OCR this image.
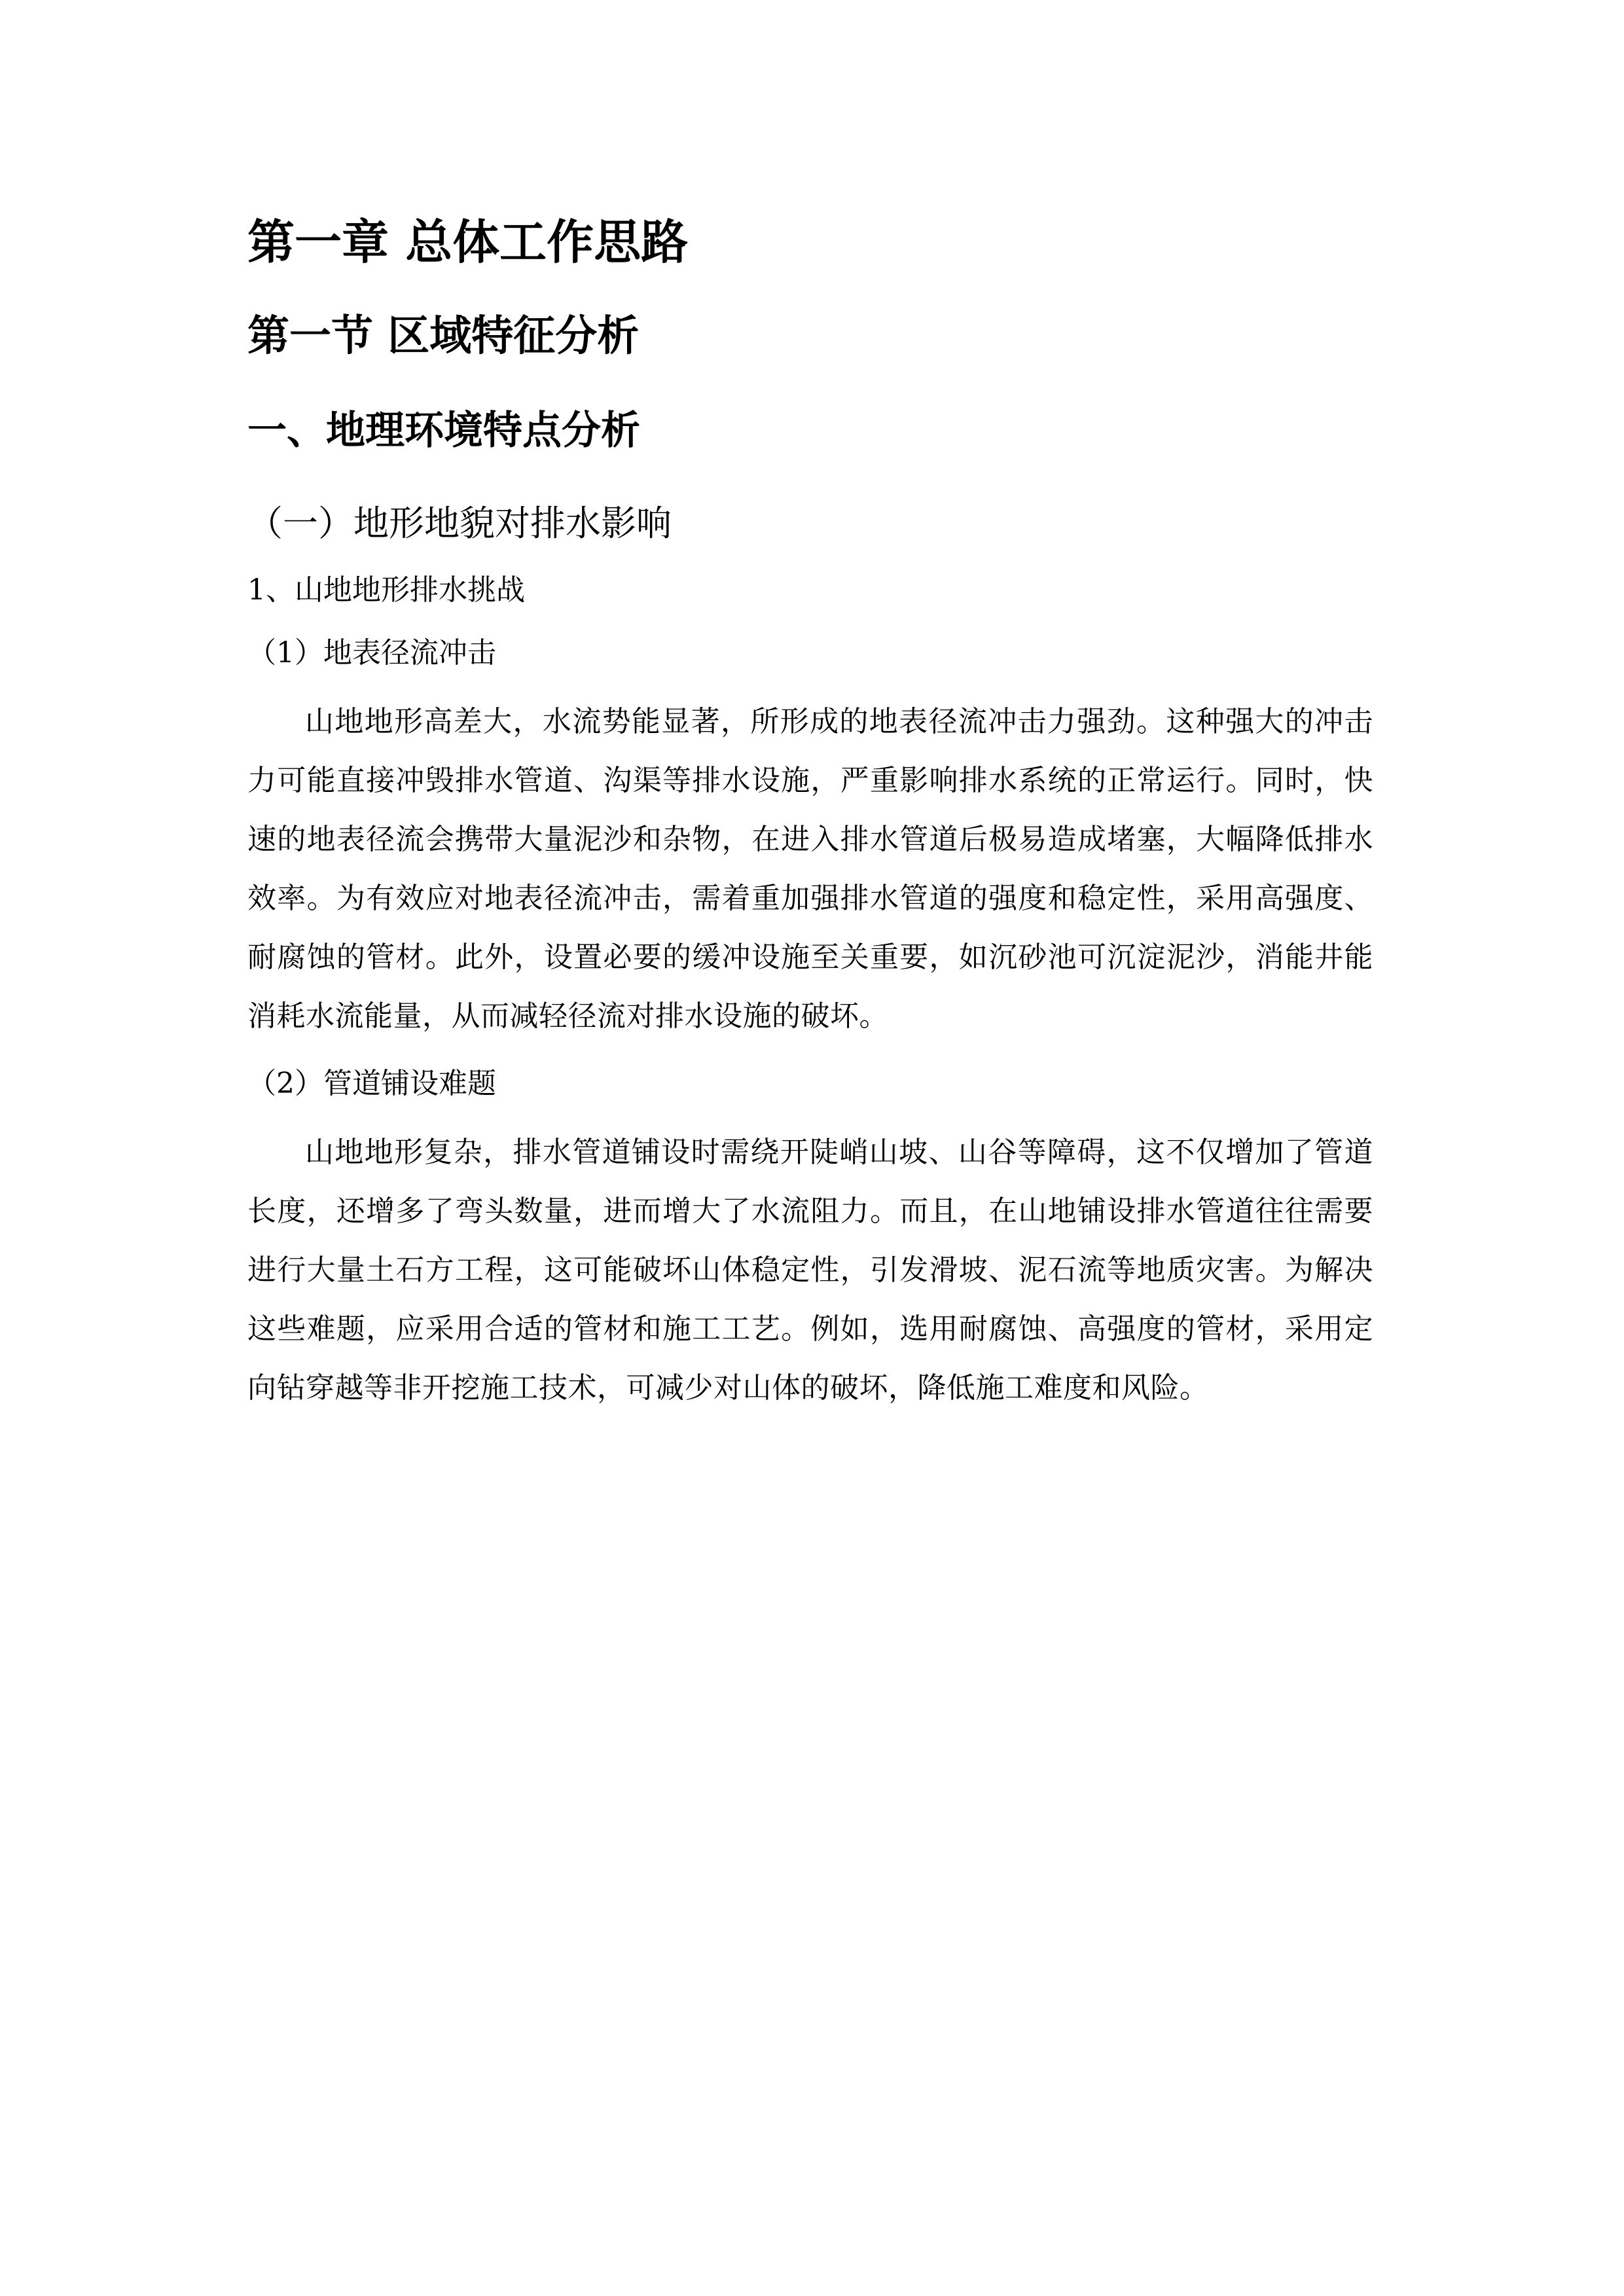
第一章 总体工作思路
第一节 区域特征分析
一、地理环境特点分析
（一）地形地貌对排水影响
1、山地地形排水挑战
（1）地表径流冲击

山地地形高差大，水流势能显著，所形成的地表径流冲击力强劲。这种强大的冲击力可能直接冲毁排水管道、沟渠等排水设施，严重影响排水系统的正常运行。同时，快速的地表径流会携带大量泥沙和杂物，在进入排水管道后极易造成堵塞，大幅降低排水效率。为有效应对地表径流冲击，需着重加强排水管道的强度和稳定性，采用高强度、耐腐蚀的管材。此外，设置必要的缓冲设施至关重要，如沉砂池可沉淀泥沙，消能井能消耗水流能量，从而减轻径流对排水设施的破坏。

（2）管道铺设难题

山地地形复杂，排水管道铺设时需绕开陡峭山坡、山谷等障碍，这不仅增加了管道长度，还增多了弯头数量，进而增大了水流阻力。而且，在山地铺设排水管道往往需要进行大量土石方工程，这可能破坏山体稳定性，引发滑坡、泥石流等地质灾害。为解决这些难题，应采用合适的管材和施工工艺。例如，选用耐腐蚀、高强度的管材，采用定向钻穿越等非开挖施工技术，可减少对山体的破坏，降低施工难度和风险。
